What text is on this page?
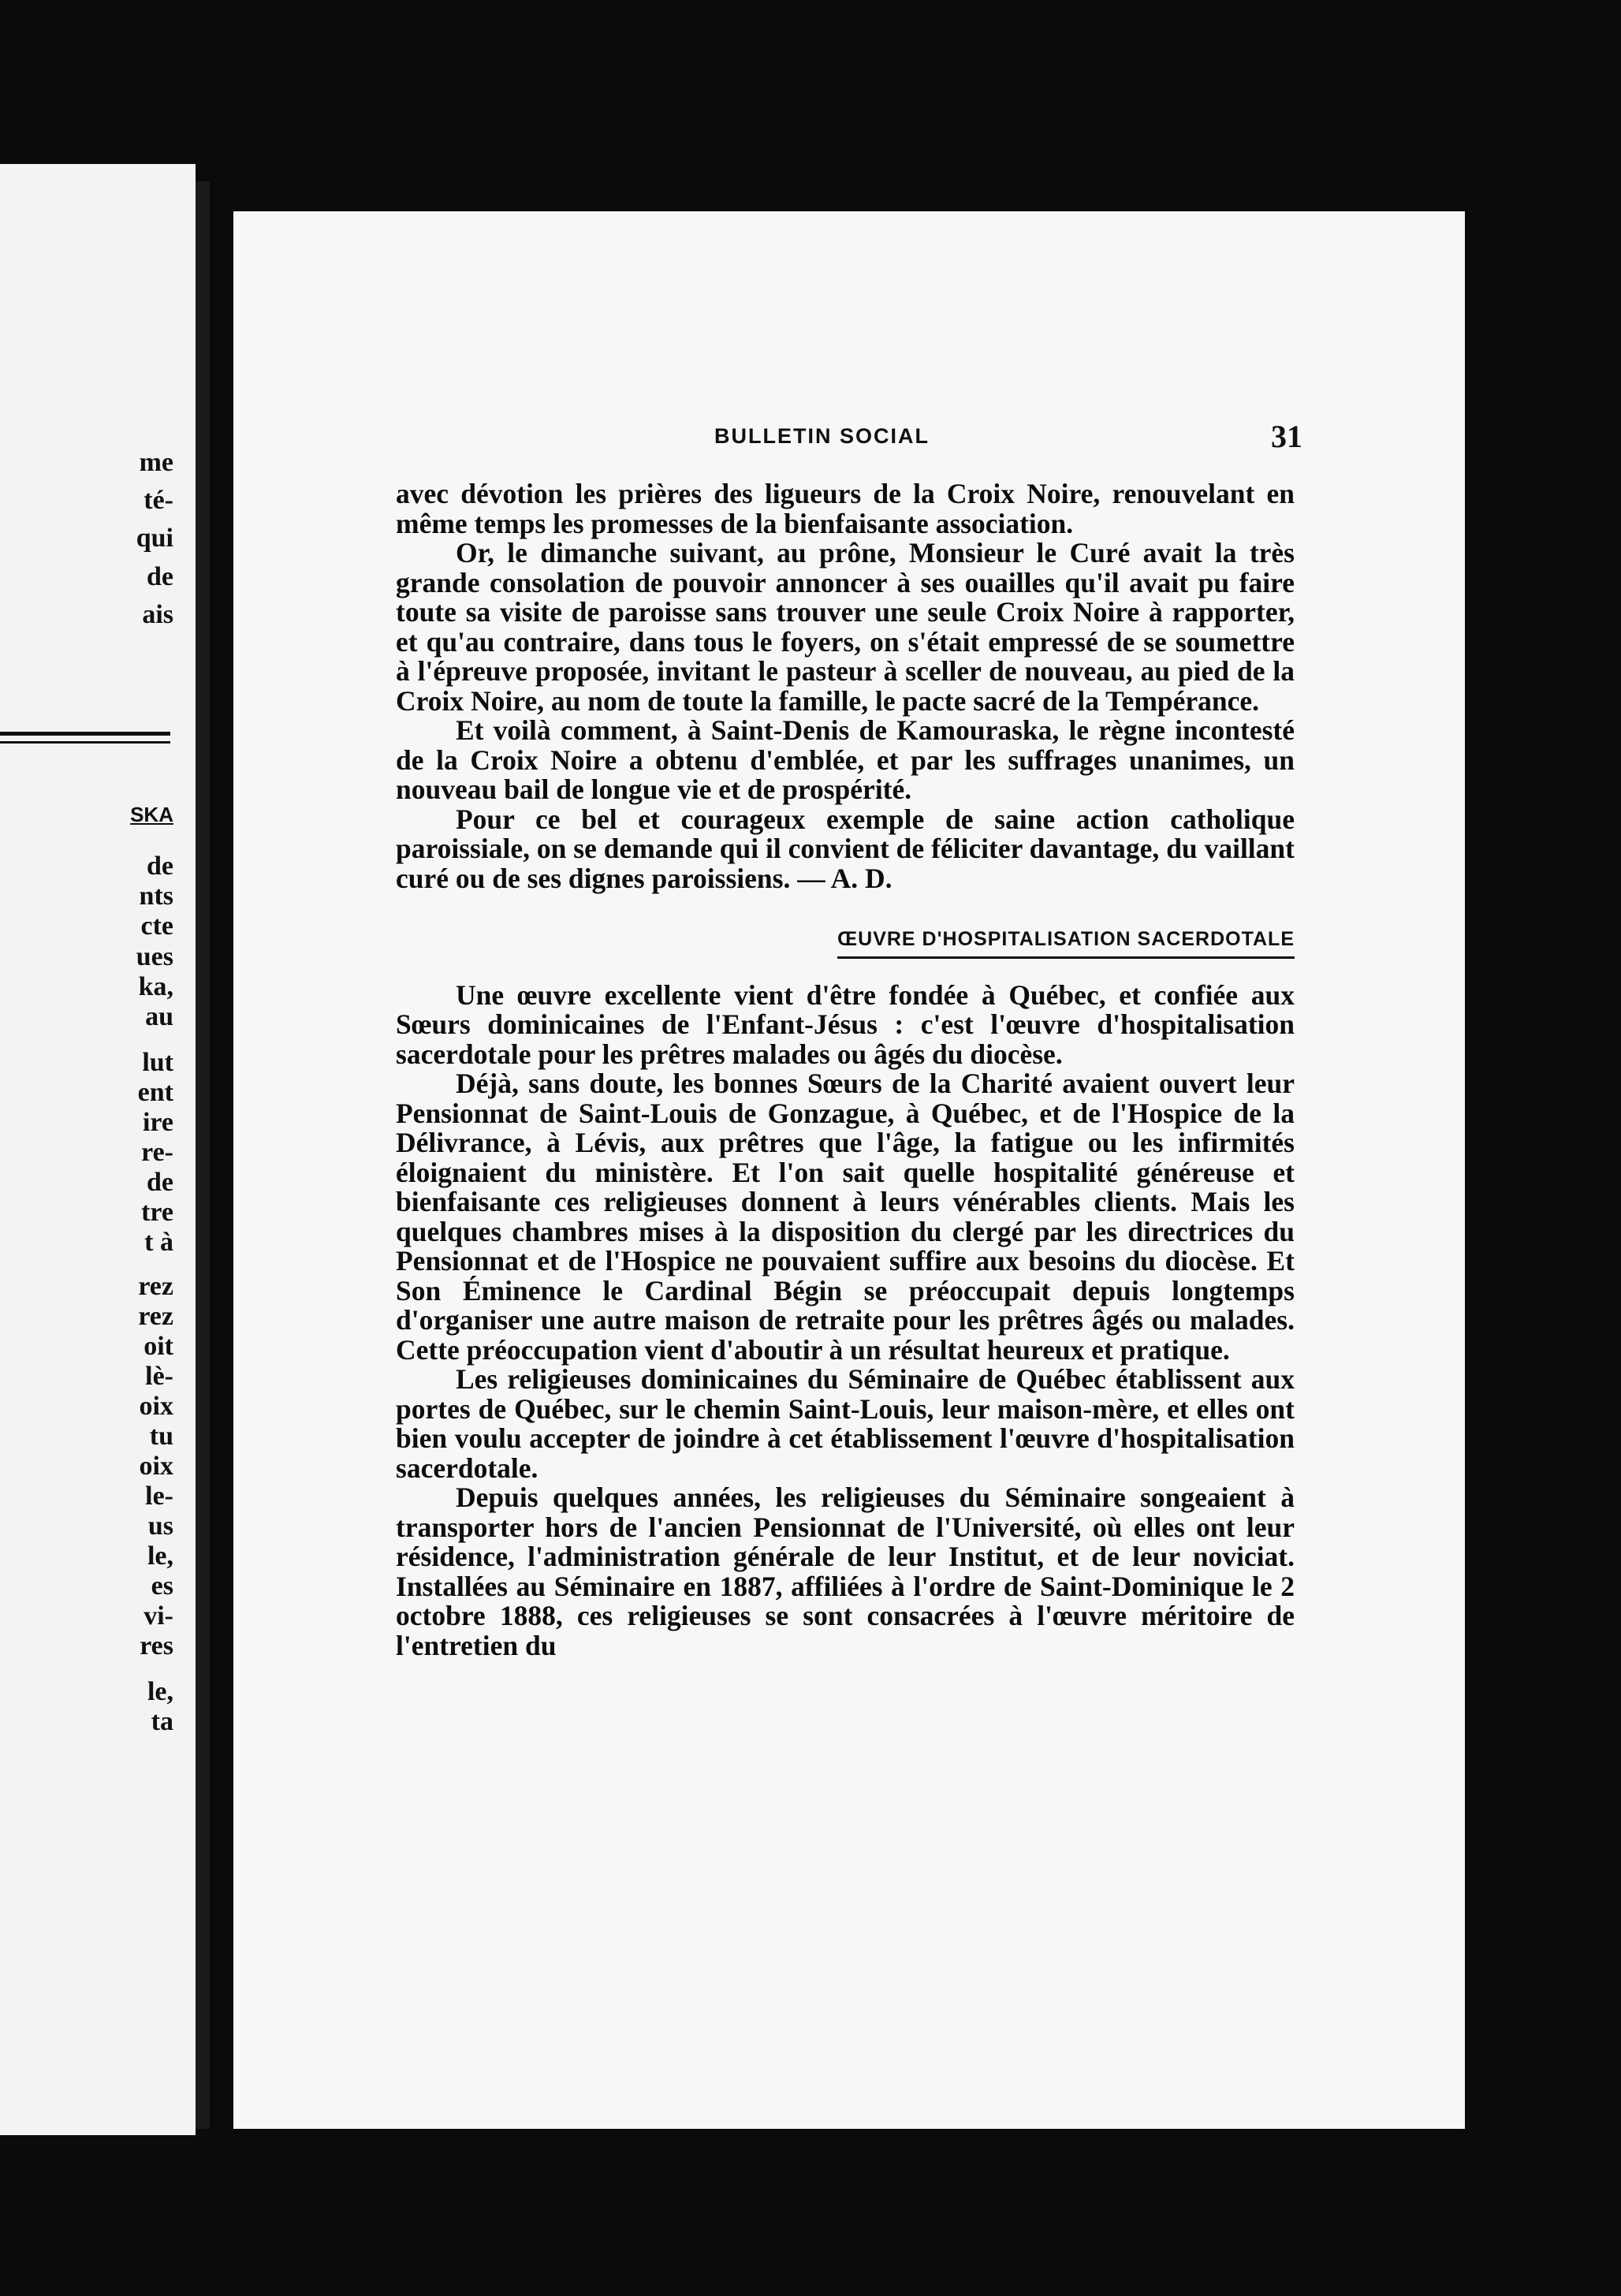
me
té-
qui
de
ais
SKA
de
nts
cte
ues
ka,
au
lut
ent
ire
re-
de
tre
t à
rez
rez
oit
lè-
oix
tu
oix
le-
us
le,
es
vi-
res
le,
ta
BULLETIN SOCIAL	31

avec dévotion les prières des ligueurs de la Croix Noire, renouvelant en même temps les promesses de la bienfaisante association.

Or, le dimanche suivant, au prône, Monsieur le Curé avait la très grande consolation de pouvoir annoncer à ses ouailles qu'il avait pu faire toute sa visite de paroisse sans trouver une seule Croix Noire à rapporter, et qu'au contraire, dans tous le foyers, on s'était empressé de se soumettre à l'épreuve proposée, invitant le pasteur à sceller de nouveau, au pied de la Croix Noire, au nom de toute la famille, le pacte sacré de la Tempérance.

Et voilà comment, à Saint-Denis de Kamouraska, le règne incontesté de la Croix Noire a obtenu d'emblée, et par les suffrages unanimes, un nouveau bail de longue vie et de prospérité.

Pour ce bel et courageux exemple de saine action catholique paroissiale, on se demande qui il convient de féliciter davantage, du vaillant curé ou de ses dignes paroissiens. — A. D.

ŒUVRE D'HOSPITALISATION SACERDOTALE

Une œuvre excellente vient d'être fondée à Québec, et confiée aux Sœurs dominicaines de l'Enfant-Jésus : c'est l'œuvre d'hospitalisation sacerdotale pour les prêtres malades ou âgés du diocèse.

Déjà, sans doute, les bonnes Sœurs de la Charité avaient ouvert leur Pensionnat de Saint-Louis de Gonzague, à Québec, et de l'Hospice de la Délivrance, à Lévis, aux prêtres que l'âge, la fatigue ou les infirmités éloignaient du ministère. Et l'on sait quelle hospitalité généreuse et bienfaisante ces religieuses donnent à leurs vénérables clients. Mais les quelques chambres mises à la disposition du clergé par les directrices du Pensionnat et de l'Hospice ne pouvaient suffire aux besoins du diocèse. Et Son Éminence le Cardinal Bégin se préoccupait depuis longtemps d'organiser une autre maison de retraite pour les prêtres âgés ou malades. Cette préoccupation vient d'aboutir à un résultat heureux et pratique.

Les religieuses dominicaines du Séminaire de Québec établissent aux portes de Québec, sur le chemin Saint-Louis, leur maison-mère, et elles ont bien voulu accepter de joindre à cet établissement l'œuvre d'hospitalisation sacerdotale.

Depuis quelques années, les religieuses du Séminaire songeaient à transporter hors de l'ancien Pensionnat de l'Université, où elles ont leur résidence, l'administration générale de leur Institut, et de leur noviciat. Installées au Séminaire en 1887, affiliées à l'ordre de Saint-Dominique le 2 octobre 1888, ces religieuses se sont consacrées à l'œuvre méritoire de l'entretien du
